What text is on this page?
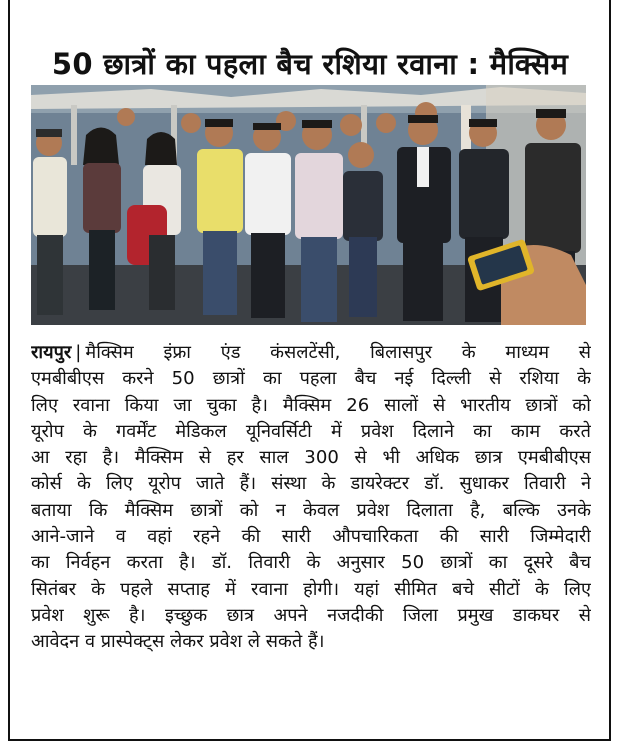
50 छात्रों का पहला बैच रशिया रवाना : मैक्सिम
रायपुर | मैक्सिम इंफ्रा एंड कंसलटेंसी, बिलासपुर के माध्यम से
एमबीबीएस करने 50 छात्रों का पहला बैच नई दिल्ली से रशिया के
लिए रवाना किया जा चुका है। मैक्सिम 26 सालों से भारतीय छात्रों को
यूरोप के गवर्मेंट मेडिकल यूनिवर्सिटी में प्रवेश दिलाने का काम करते
आ रहा है। मैक्सिम से हर साल 300 से भी अधिक छात्र एमबीबीएस
कोर्स के लिए यूरोप जाते हैं। संस्था के डायरेक्टर डॉ. सुधाकर तिवारी ने
बताया कि मैक्सिम छात्रों को न केवल प्रवेश दिलाता है, बल्कि उनके
आने-जाने व वहां रहने की सारी औपचारिकता की सारी जिम्मेदारी
का निर्वहन करता है। डॉ. तिवारी के अनुसार 50 छात्रों का दूसरे बैच
सितंबर के पहले सप्ताह में रवाना होगी। यहां सीमित बचे सीटों के लिए
प्रवेश शुरू है। इच्छुक छात्र अपने नजदीकी जिला प्रमुख डाकघर से
आवेदन व प्रास्पेक्ट्स लेकर प्रवेश ले सकते हैं।
